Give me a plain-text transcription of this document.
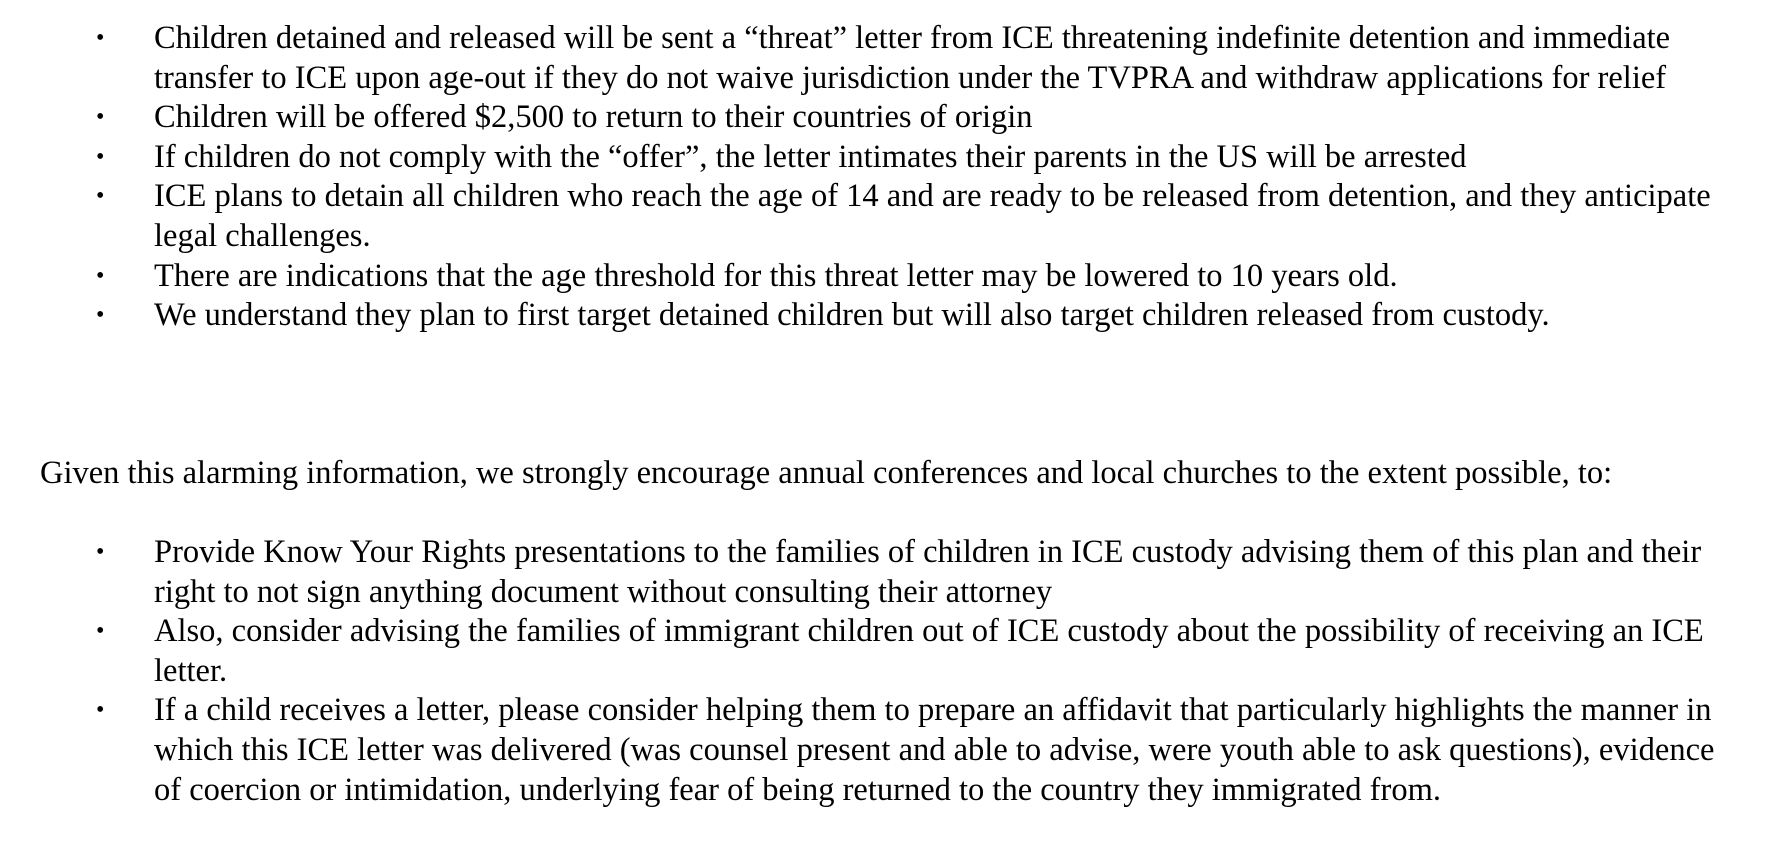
• Children detained and released will be sent a “threat” letter from ICE threatening indefinite detention and immediate transfer to ICE upon age-out if they do not waive jurisdiction under the TVPRA and withdraw applications for relief
• Children will be offered $2,500 to return to their countries of origin
• If children do not comply with the “offer”, the letter intimates their parents in the US will be arrested
• ICE plans to detain all children who reach the age of 14 and are ready to be released from detention, and they anticipate legal challenges.
• There are indications that the age threshold for this threat letter may be lowered to 10 years old.
• We understand they plan to first target detained children but will also target children released from custody.

Given this alarming information, we strongly encourage annual conferences and local churches to the extent possible, to:

• Provide Know Your Rights presentations to the families of children in ICE custody advising them of this plan and their right to not sign anything document without consulting their attorney
• Also, consider advising the families of immigrant children out of ICE custody about the possibility of receiving an ICE letter.
• If a child receives a letter, please consider helping them to prepare an affidavit that particularly highlights the manner in which this ICE letter was delivered (was counsel present and able to advise, were youth able to ask questions), evidence of coercion or intimidation, underlying fear of being returned to the country they immigrated from.
